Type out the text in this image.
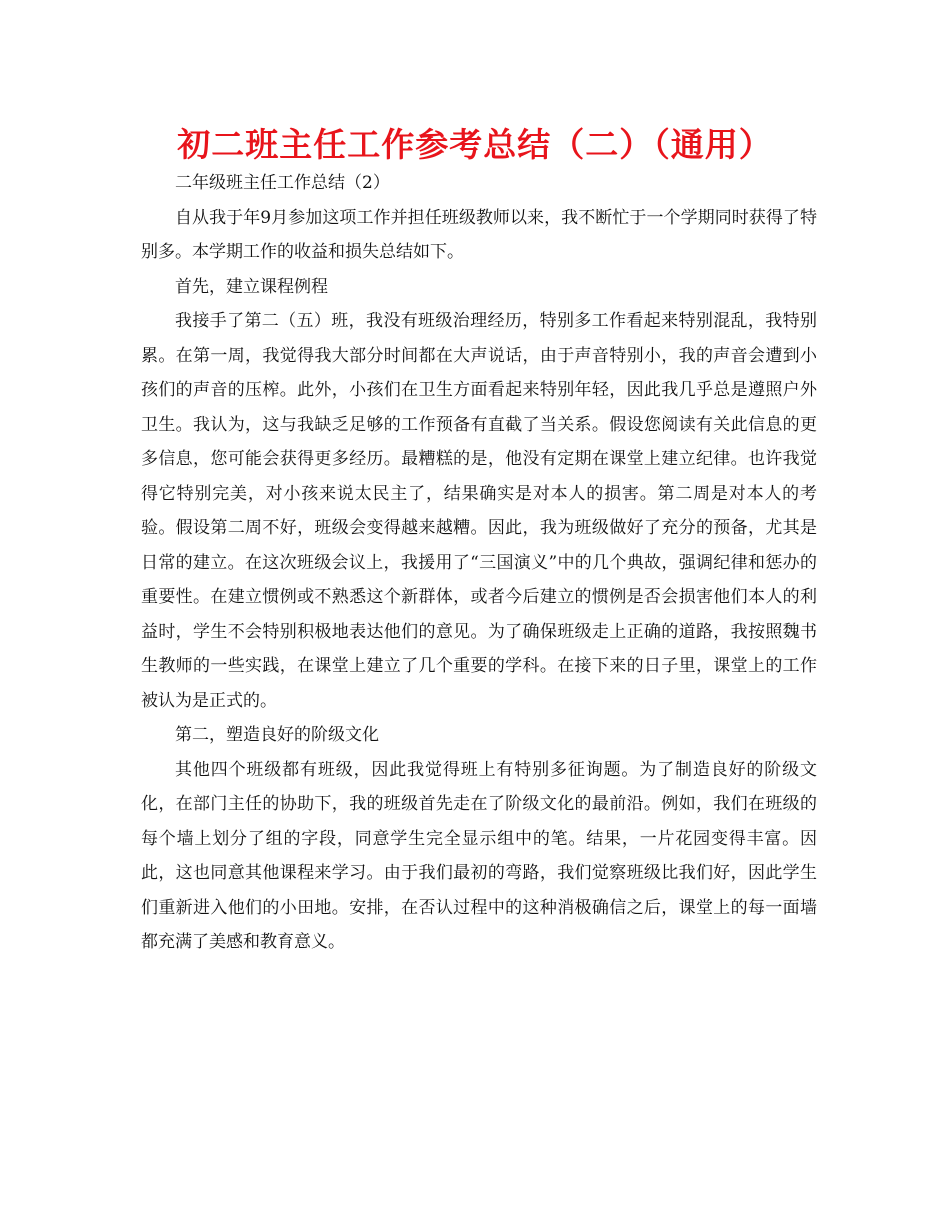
初二班主任工作参考总结（二）（通用）

二年级班主任工作总结（2）

自从我于年9月参加这项工作并担任班级教师以来，我不断忙于一个学期同时获得了特别多。本学期工作的收益和损失总结如下。

首先，建立课程例程

我接手了第二（五）班，我没有班级治理经历，特别多工作看起来特别混乱，我特别累。在第一周，我觉得我大部分时间都在大声说话，由于声音特别小，我的声音会遭到小孩们的声音的压榨。此外，小孩们在卫生方面看起来特别年轻，因此我几乎总是遵照户外卫生。我认为，这与我缺乏足够的工作预备有直截了当关系。假设您阅读有关此信息的更多信息，您可能会获得更多经历。最糟糕的是，他没有定期在课堂上建立纪律。也许我觉得它特别完美，对小孩来说太民主了，结果确实是对本人的损害。第二周是对本人的考验。假设第二周不好，班级会变得越来越糟。因此，我为班级做好了充分的预备，尤其是日常的建立。在这次班级会议上，我援用了“三国演义”中的几个典故，强调纪律和惩办的重要性。在建立惯例或不熟悉这个新群体，或者今后建立的惯例是否会损害他们本人的利益时，学生不会特别积极地表达他们的意见。为了确保班级走上正确的道路，我按照魏书生教师的一些实践，在课堂上建立了几个重要的学科。在接下来的日子里，课堂上的工作被认为是正式的。

第二，塑造良好的阶级文化

其他四个班级都有班级，因此我觉得班上有特别多征询题。为了制造良好的阶级文化，在部门主任的协助下，我的班级首先走在了阶级文化的最前沿。例如，我们在班级的每个墙上划分了组的字段，同意学生完全显示组中的笔。结果，一片花园变得丰富。因此，这也同意其他课程来学习。由于我们最初的弯路，我们觉察班级比我们好，因此学生们重新进入他们的小田地。安排，在否认过程中的这种消极确信之后，课堂上的每一面墙都充满了美感和教育意义。
